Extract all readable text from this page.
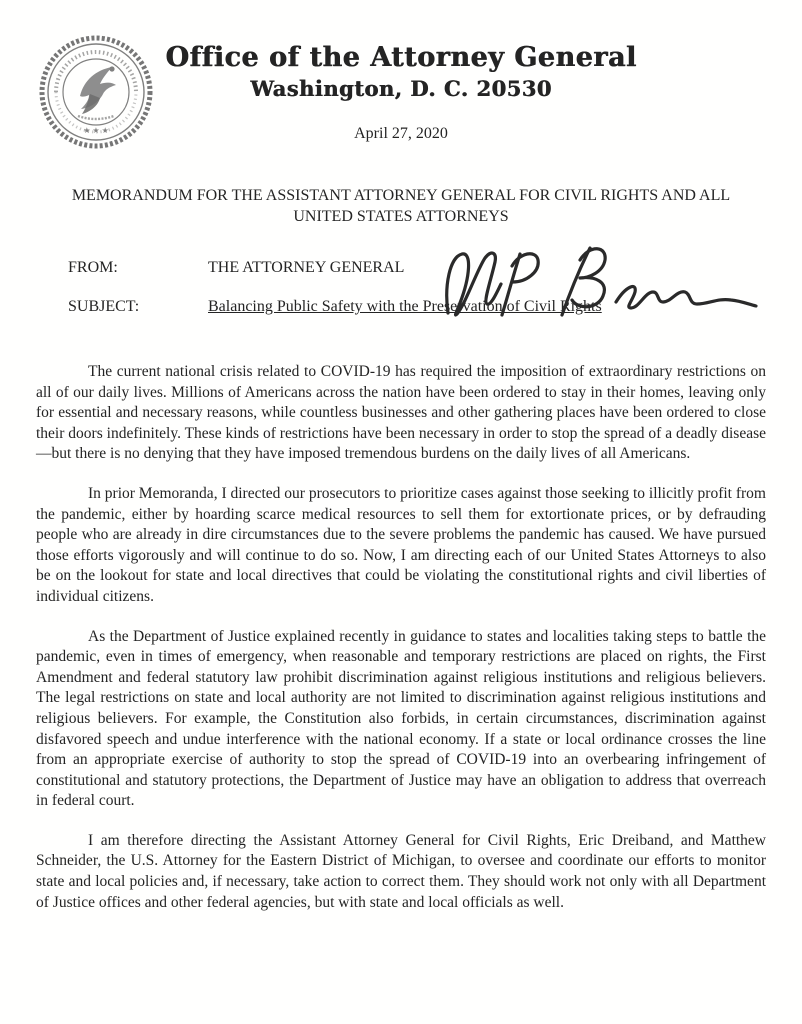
★ ★ ★
Office of the Attorney General
Washington, D. C. 20530
April 27, 2020
MEMORANDUM FOR THE ASSISTANT ATTORNEY GENERAL FOR CIVIL RIGHTS AND ALL UNITED STATES ATTORNEYS
FROM:	THE ATTORNEY GENERAL
SUBJECT:	Balancing Public Safety with the Preservation of Civil Rights

The current national crisis related to COVID-19 has required the imposition of extraordinary restrictions on all of our daily lives. Millions of Americans across the nation have been ordered to stay in their homes, leaving only for essential and necessary reasons, while countless businesses and other gathering places have been ordered to close their doors indefinitely. These kinds of restrictions have been necessary in order to stop the spread of a deadly disease—but there is no denying that they have imposed tremendous burdens on the daily lives of all Americans.

In prior Memoranda, I directed our prosecutors to prioritize cases against those seeking to illicitly profit from the pandemic, either by hoarding scarce medical resources to sell them for extortionate prices, or by defrauding people who are already in dire circumstances due to the severe problems the pandemic has caused. We have pursued those efforts vigorously and will continue to do so. Now, I am directing each of our United States Attorneys to also be on the lookout for state and local directives that could be violating the constitutional rights and civil liberties of individual citizens.

As the Department of Justice explained recently in guidance to states and localities taking steps to battle the pandemic, even in times of emergency, when reasonable and temporary restrictions are placed on rights, the First Amendment and federal statutory law prohibit discrimination against religious institutions and religious believers. The legal restrictions on state and local authority are not limited to discrimination against religious institutions and religious believers. For example, the Constitution also forbids, in certain circumstances, discrimination against disfavored speech and undue interference with the national economy. If a state or local ordinance crosses the line from an appropriate exercise of authority to stop the spread of COVID-19 into an overbearing infringement of constitutional and statutory protections, the Department of Justice may have an obligation to address that overreach in federal court.

I am therefore directing the Assistant Attorney General for Civil Rights, Eric Dreiband, and Matthew Schneider, the U.S. Attorney for the Eastern District of Michigan, to oversee and coordinate our efforts to monitor state and local policies and, if necessary, take action to correct them. They should work not only with all Department of Justice offices and other federal agencies, but with state and local officials as well.
